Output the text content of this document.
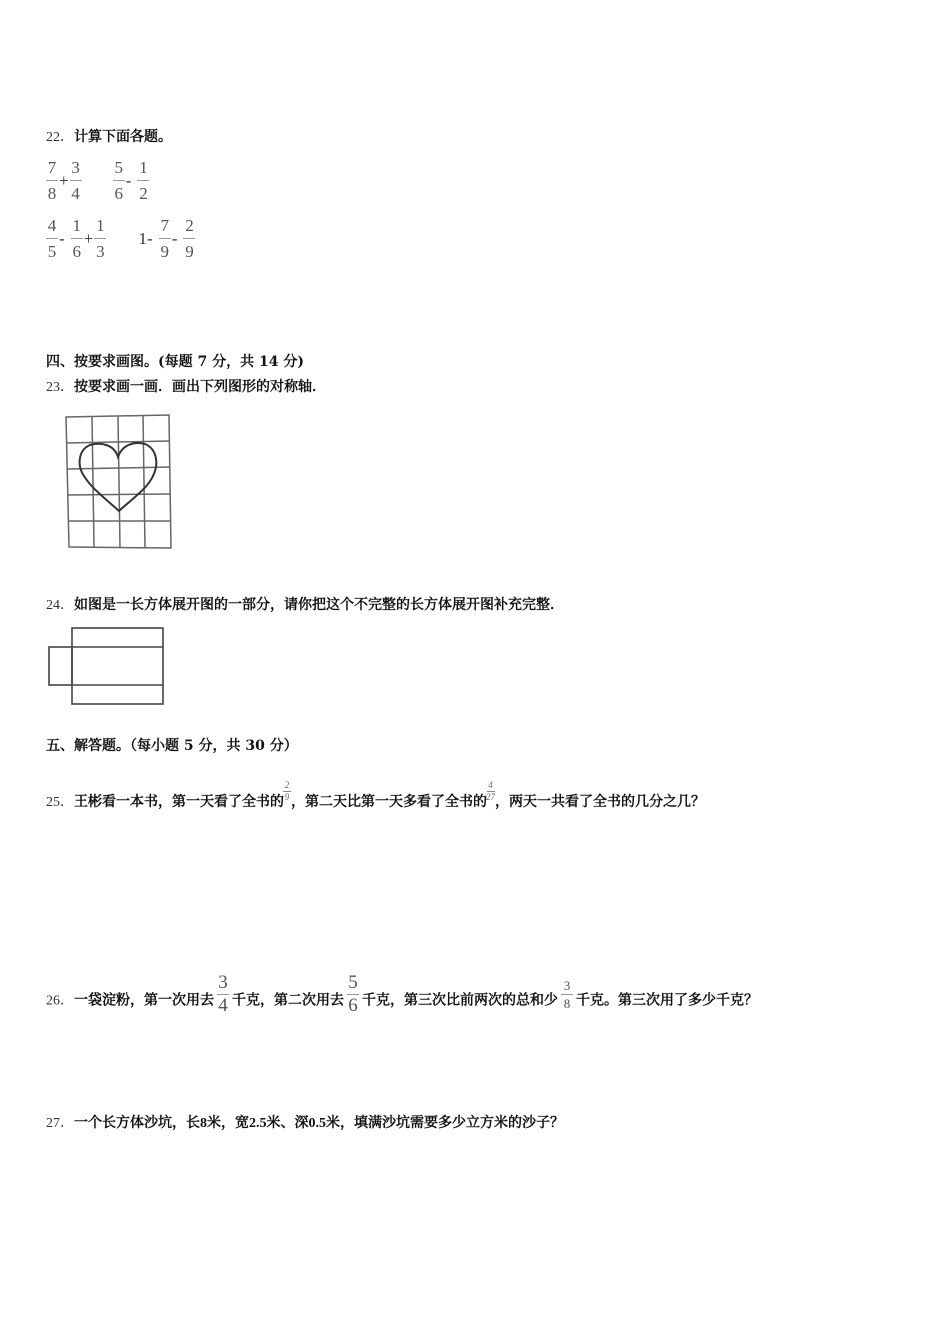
22．计算下面各题。
$\frac{7}{8} + \frac{3}{4}$
$\frac{5}{6} - \frac{1}{2}$
$\frac{4}{5} - \frac{1}{6} + \frac{1}{3} 1- \frac{7}{9} - \frac{2}{9}$
四、按要求画图。(每题 7 分，共 14 分)
23．按要求画一画．画出下列图形的对称轴．
24．如图是一长方体展开图的一部分，请你把这个不完整的长方体展开图补充完整．
五、解答题。（每小题 5 分，共 30 分）
25．王彬看一本书，第一天看了全书的 $\frac{2}{9}$ ，第二天比第一天多看了全书的 $\frac{4}{27}$ ，两天一共看了全书的几分之几？
26．一袋淀粉，第一次用去 $\frac{3}{4}$ 千克，第二次用去 $\frac{5}{6}$ 千克，第三次比前两次的总和少 $\frac{3}{8}$ 千克。第三次用了多少千克？
27．一个长方体沙坑，长8米，宽2.5米、深0.5米，填满沙坑需要多少立方米的沙子？
